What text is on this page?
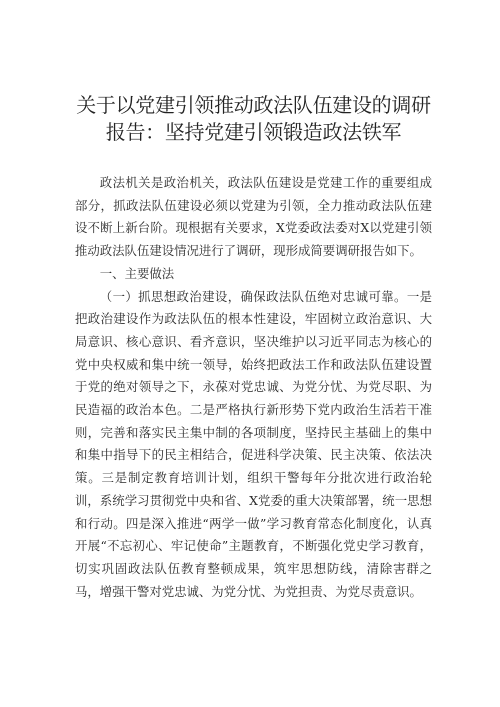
关于以党建引领推动政法队伍建设的调研报告：坚持党建引领锻造政法铁军

政法机关是政治机关，政法队伍建设是党建工作的重要组成部分，抓政法队伍建设必须以党建为引领，全力推动政法队伍建设不断上新台阶。现根据有关要求，X党委政法委对X以党建引领推动政法队伍建设情况进行了调研，现形成简要调研报告如下。

一、主要做法

（一）抓思想政治建设，确保政法队伍绝对忠诚可靠。一是把政治建设作为政法队伍的根本性建设，牢固树立政治意识、大局意识、核心意识、看齐意识，坚决维护以习近平同志为核心的党中央权威和集中统一领导，始终把政法工作和政法队伍建设置于党的绝对领导之下，永葆对党忠诚、为党分忧、为党尽职、为民造福的政治本色。二是严格执行新形势下党内政治生活若干准则，完善和落实民主集中制的各项制度，坚持民主基础上的集中和集中指导下的民主相结合，促进科学决策、民主决策、依法决策。三是制定教育培训计划，组织干警每年分批次进行政治轮训，系统学习贯彻党中央和省、X党委的重大决策部署，统一思想和行动。四是深入推进“两学一做”学习教育常态化制度化，认真开展“不忘初心、牢记使命”主题教育，不断强化党史学习教育，切实巩固政法队伍教育整顿成果，筑牢思想防线，清除害群之马，增强干警对党忠诚、为党分忧、为党担责、为党尽责意识。
